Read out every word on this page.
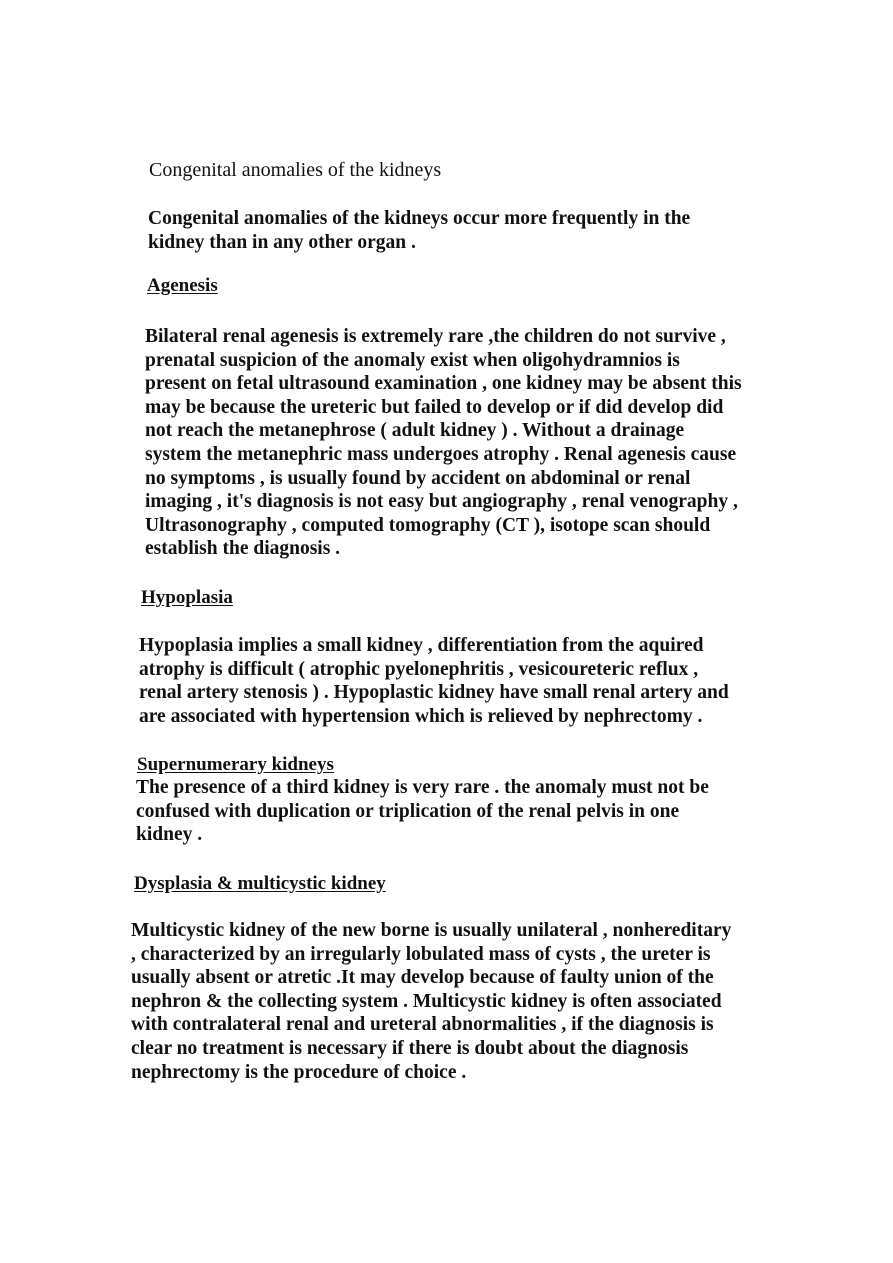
Congenital anomalies of the kidneys

Congenital anomalies of the kidneys occur more frequently in the
kidney than in any other organ .

Agenesis

Bilateral renal agenesis is extremely rare ,the children do not survive ,
prenatal suspicion of the anomaly exist when oligohydramnios is
present on fetal ultrasound examination , one kidney may be absent this
may be because the ureteric but failed to develop or if did develop did
not reach the metanephrose ( adult kidney ) . Without a drainage
system the metanephric mass undergoes atrophy . Renal agenesis cause
no symptoms , is usually found by accident on abdominal or renal
imaging , it's diagnosis is not easy but angiography , renal venography ,
Ultrasonography , computed tomography (CT ), isotope scan should
establish the diagnosis .

Hypoplasia

Hypoplasia implies a small kidney , differentiation from the aquired
atrophy is difficult ( atrophic pyelonephritis , vesicoureteric reflux ,
renal artery stenosis ) . Hypoplastic kidney have small renal artery and
are associated with hypertension which is relieved by nephrectomy .

Supernumerary kidneys

The presence of a third kidney is very rare . the anomaly must not be
confused with duplication or triplication of the renal pelvis in one
kidney .

Dysplasia & multicystic kidney

Multicystic kidney of the new borne is usually unilateral , nonhereditary
, characterized by an irregularly lobulated mass of cysts , the ureter is
usually absent or atretic .It may develop because of faulty union of the
nephron & the collecting system . Multicystic kidney is often associated
with contralateral renal and ureteral abnormalities , if the diagnosis is
clear no treatment is necessary if there is doubt about the diagnosis
nephrectomy is the procedure of choice .
